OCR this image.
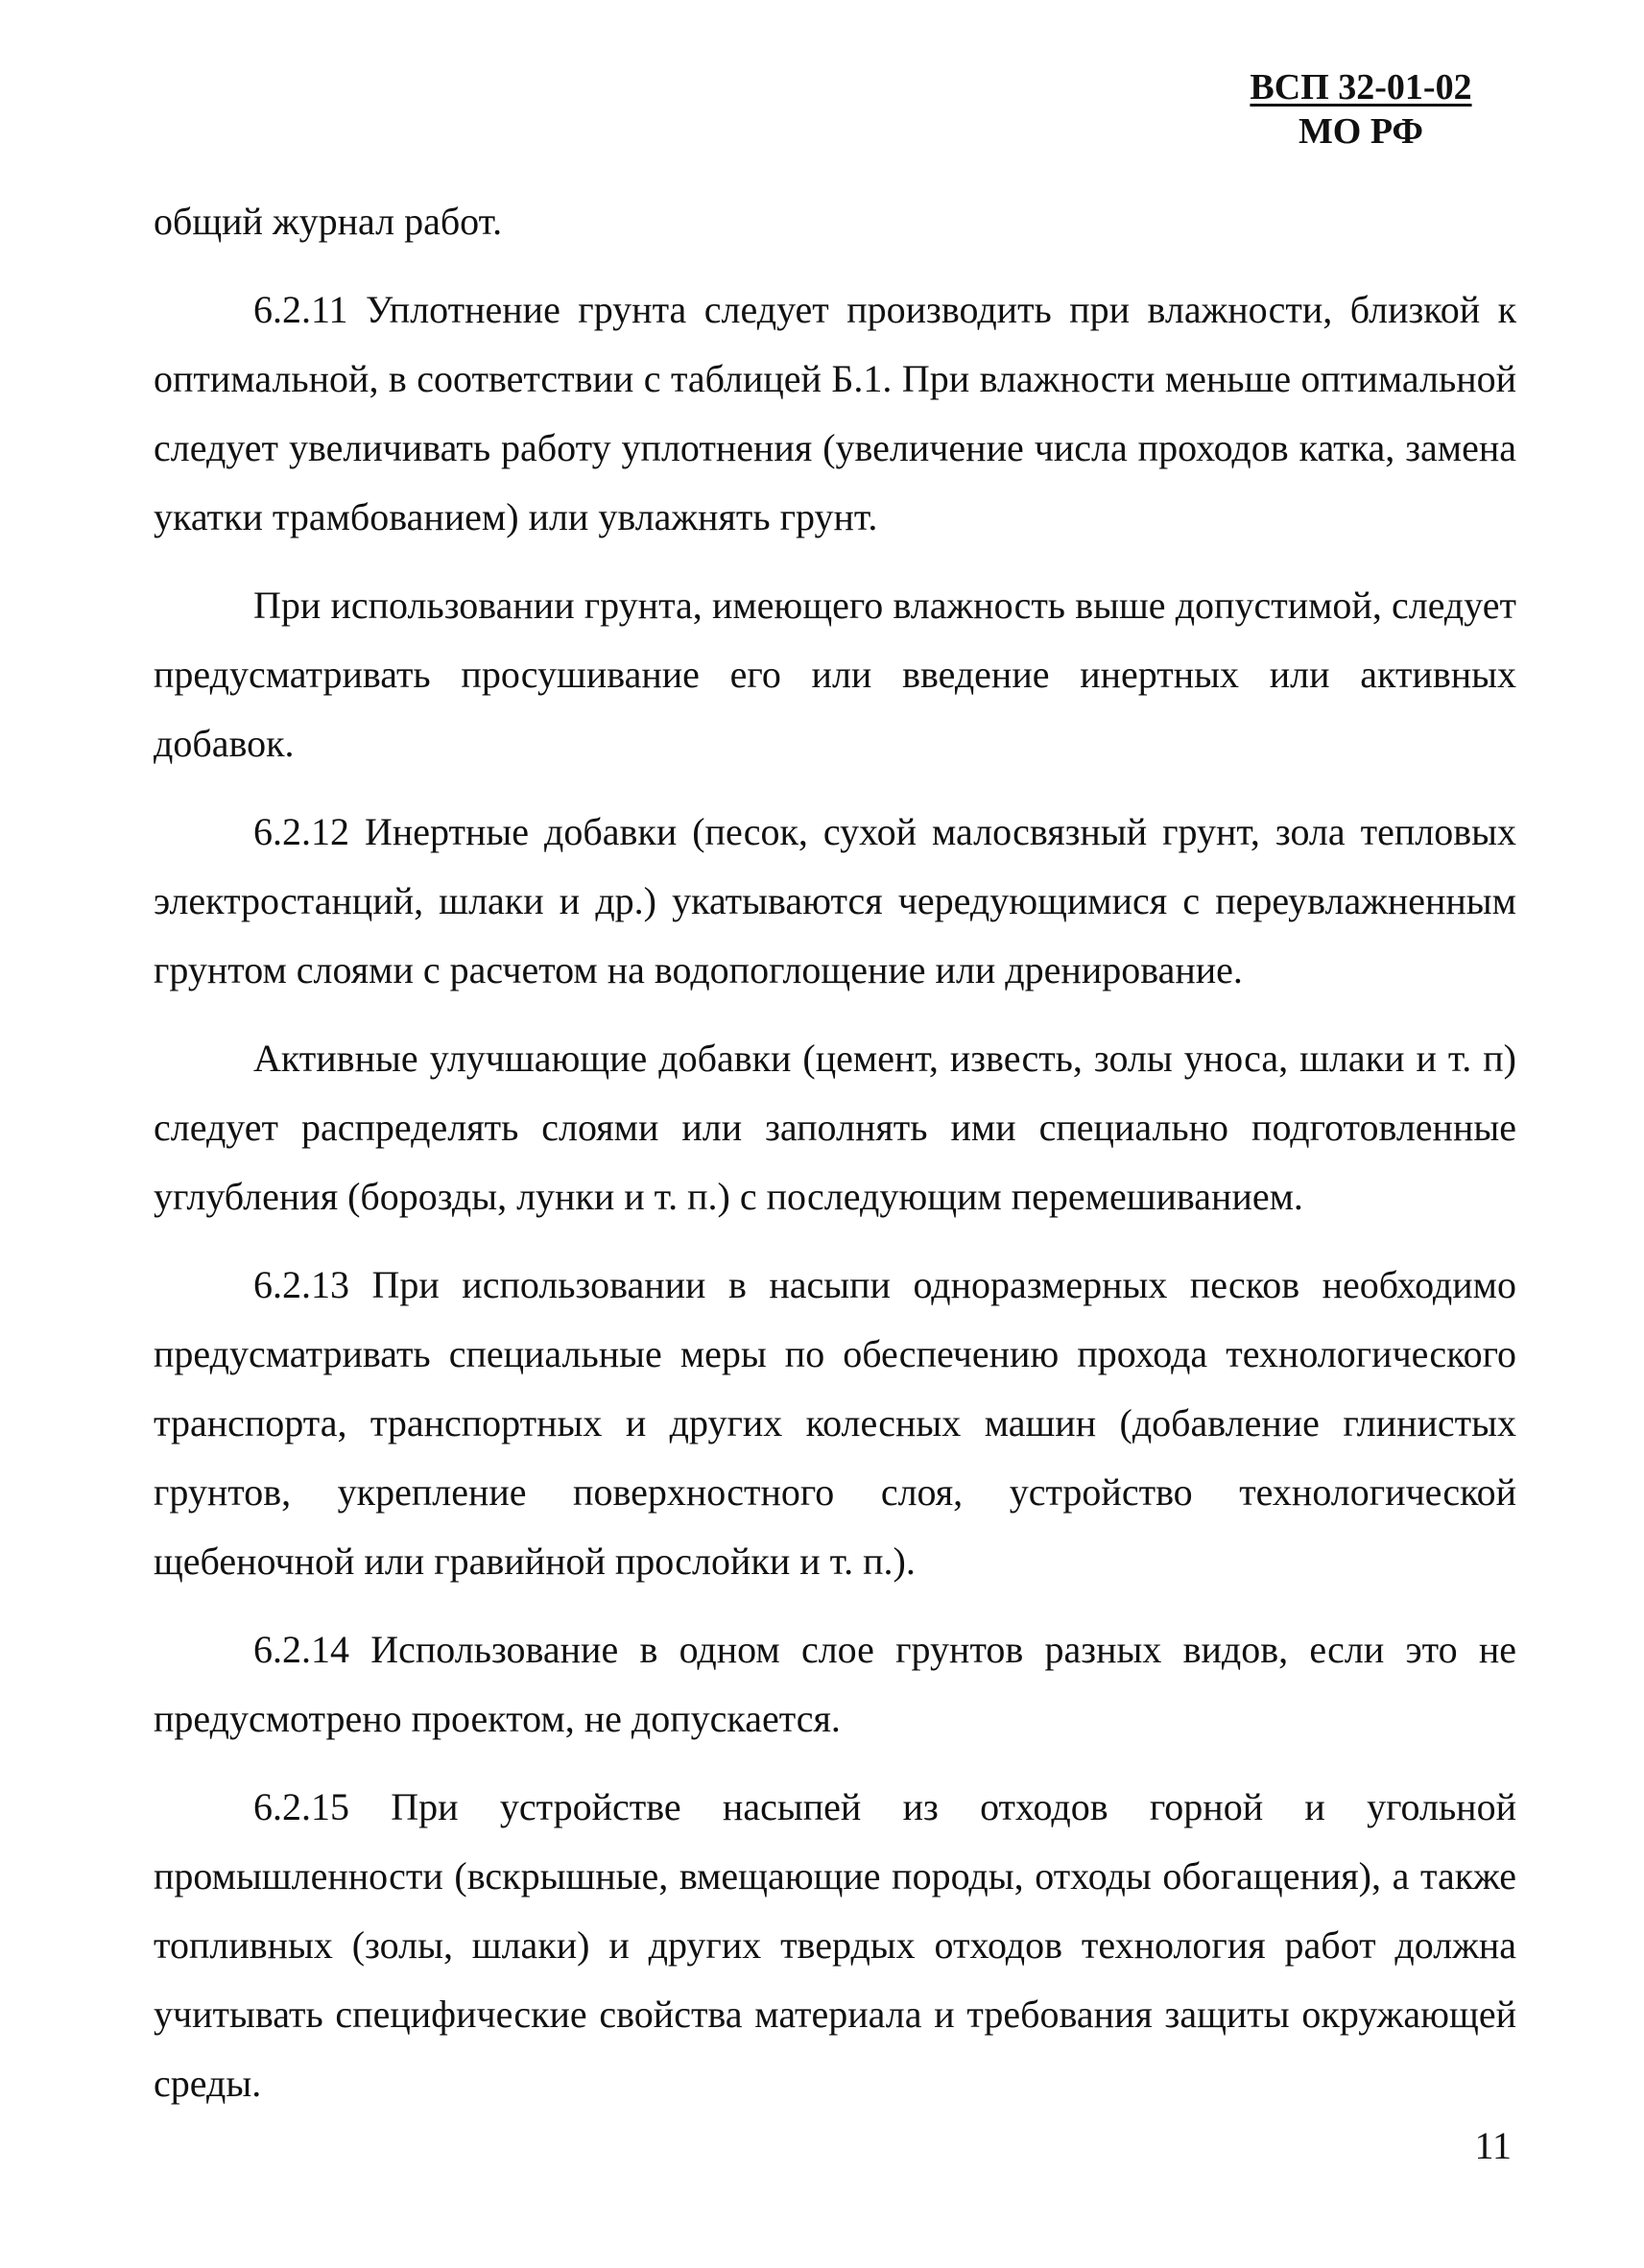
ВСП 32-01-02
МО РФ

общий журнал работ.

6.2.11 Уплотнение грунта следует производить при влажности, близкой к оптимальной, в соответствии с таблицей Б.1. При влажности меньше оптимальной следует увеличивать работу уплотнения (увеличение числа проходов катка, замена укатки трамбованием) или увлажнять грунт.

При использовании грунта, имеющего влажность выше допустимой, следует предусматривать просушивание его или введение инертных или активных добавок.

6.2.12 Инертные добавки (песок, сухой малосвязный грунт, зола тепловых электростанций, шлаки и др.) укатываются чередующимися с переувлажненным грунтом слоями с расчетом на водопоглощение или дренирование.

Активные улучшающие добавки (цемент, известь, золы уноса, шлаки и т. п) следует распределять слоями или заполнять ими специально подготовленные углубления (борозды, лунки и т. п.) с последующим перемешиванием.

6.2.13 При использовании в насыпи одноразмерных песков необходимо предусматривать специальные меры по обеспечению прохода технологического транспорта, транспортных и других колесных машин (добавление глинистых грунтов, укрепление поверхностного слоя, устройство технологической щебеночной или гравийной прослойки и т. п.).

6.2.14 Использование в одном слое грунтов разных видов, если это не предусмотрено проектом, не допускается.

6.2.15 При устройстве насыпей из отходов горной и угольной промышленности (вскрышные, вмещающие породы, отходы обогащения), а также топливных (золы, шлаки) и других твердых отходов технология работ должна учитывать специфические свойства материала и требования защиты окружающей среды.

11
